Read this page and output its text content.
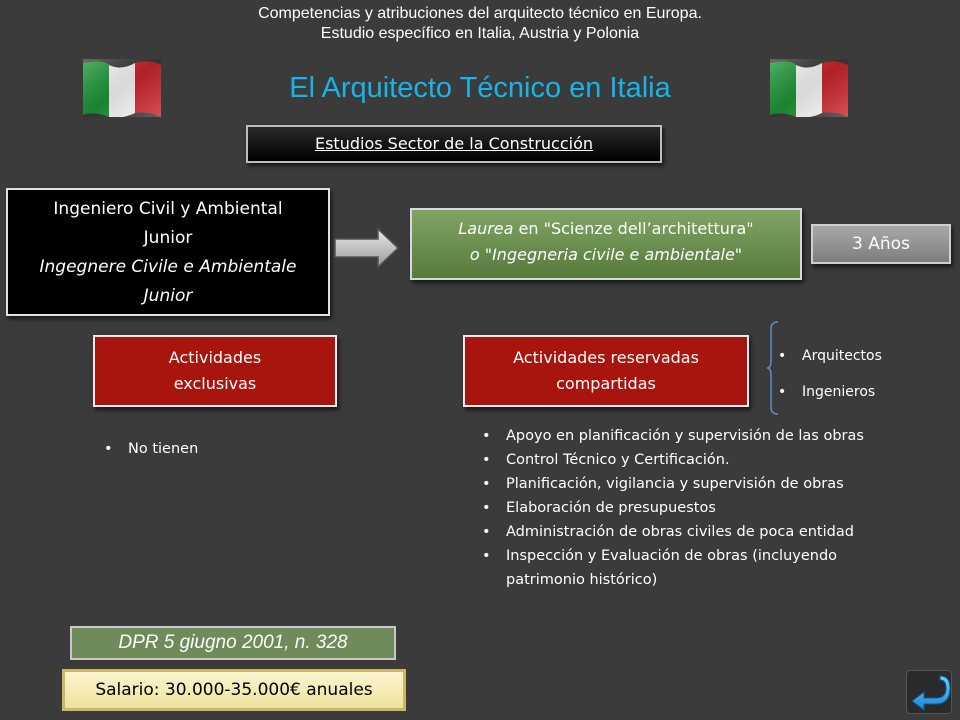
Competencias y atribuciones del arquitecto técnico en Europa.
Estudio específico en Italia, Austria y Polonia
El Arquitecto Técnico en Italia
Estudios Sector de la Construcción
Ingeniero Civil y Ambiental
Junior
Ingegnere Civile e Ambientale
Junior
Laurea en "Scienze dell’architettura"
o "Ingegneria civile e ambientale"
3 Años
Actividades
exclusivas
Actividades reservadas
compartidas
• Arquitectos
• Ingenieros
• No tienen
• Apoyo en planificación y supervisión de las obras
• Control Técnico y Certificación.
• Planificación, vigilancia y supervisión de obras
• Elaboración de presupuestos
• Administración de obras civiles de poca entidad
• Inspección y Evaluación de obras (incluyendo patrimonio histórico)
DPR 5 giugno 2001, n. 328
Salario: 30.000-35.000€ anuales
